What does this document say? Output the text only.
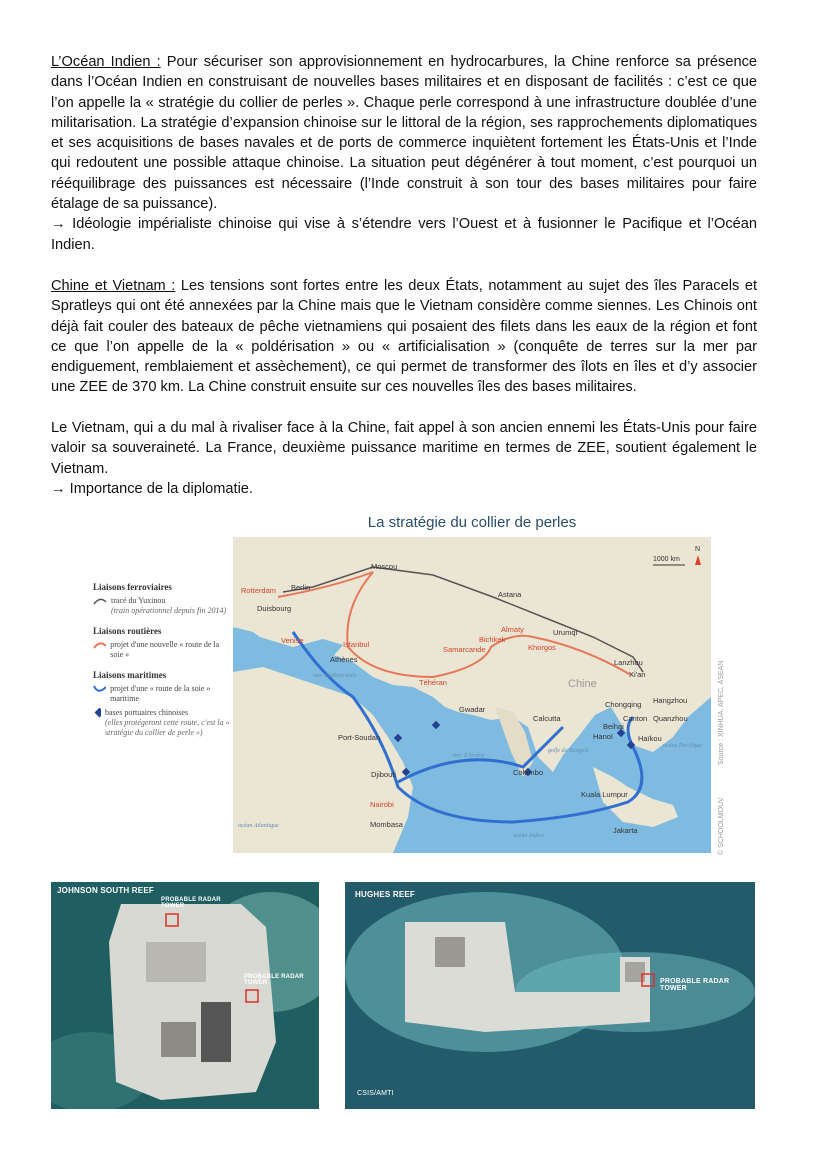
L’Océan Indien : Pour sécuriser son approvisionnement en hydrocarbures, la Chine renforce sa présence dans l’Océan Indien en construisant de nouvelles bases militaires et en disposant de facilités : c’est ce que l’on appelle la « stratégie du collier de perles ». Chaque perle correspond à une infrastructure doublée d’une militarisation. La stratégie d’expansion chinoise sur le littoral de la région, ses rapprochements diplomatiques et ses acquisitions de bases navales et de ports de commerce inquiètent fortement les États-Unis et l’Inde qui redoutent une possible attaque chinoise. La situation peut dégénérer à tout moment, c’est pourquoi un rééquilibrage des puissances est nécessaire (l’Inde construit à son tour des bases militaires pour faire étalage de sa puissance).
→ Idéologie impérialiste chinoise qui vise à s’étendre vers l’Ouest et à fusionner le Pacifique et l’Océan Indien.
Chine et Vietnam : Les tensions sont fortes entre les deux États, notamment au sujet des îles Paracels et Spratleys qui ont été annexées par la Chine mais que le Vietnam considère comme siennes. Les Chinois ont déjà fait couler des bateaux de pêche vietnamiens qui posaient des filets dans les eaux de la région et font ce que l’on appelle de la « poldérisation » ou « artificialisation » (conquête de terres sur la mer par endiguement, remblaiement et assèchement), ce qui permet de transformer des îlots en îles et d’y associer une ZEE de 370 km. La Chine construit ensuite sur ces nouvelles îles des bases militaires.
Le Vietnam, qui a du mal à rivaliser face à la Chine, fait appel à son ancien ennemi les États-Unis pour faire valoir sa souveraineté. La France, deuxième puissance maritime en termes de ZEE, soutient également le Vietnam.
→ Importance de la diplomatie.
La stratégie du collier de perles
Liaisons ferroviaires
tracé du Yuxinou
(train opérationnel depuis fin 2014)
Liaisons routières
projet d'une nouvelle « route de la soie »
Liaisons maritimes
projet d'une « route de la soie » maritime
bases portuaires chinoises
(elles protégeront cette route, c'est la « stratégie du collier de perle »)
Rotterdam Berlin
Moscou
Duisbourg
Astana
Venise	Istanbul
Athènes
Bichkek
Almaty	Urumqi
Samarcande	Khorgos
Téhéran
Lanzhou
Xi'an
Chongqing Hangzhou
Gwadar
Calcutta	Canton Quanzhou
Beihai
Hanoï	Haïkou
Port-Soudan
Djibouti	Colombo
Kuala Lumpur
Nairobi
Mombasa
Jakarta
Chine
mer Méditerranée
océan Atlantique
océan Indien
mer d'Arabie
golfe du Bengale
océan Pacifique
1000 km
N
© SCHOOLMOUV
Source : XINHUA, APEC, ASEAN
JOHNSON SOUTH REEF
PROBABLE RADAR TOWER
PROBABLE RADAR TOWER
HUGHES REEF
PROBABLE RADAR TOWER
CSIS/AMTI
